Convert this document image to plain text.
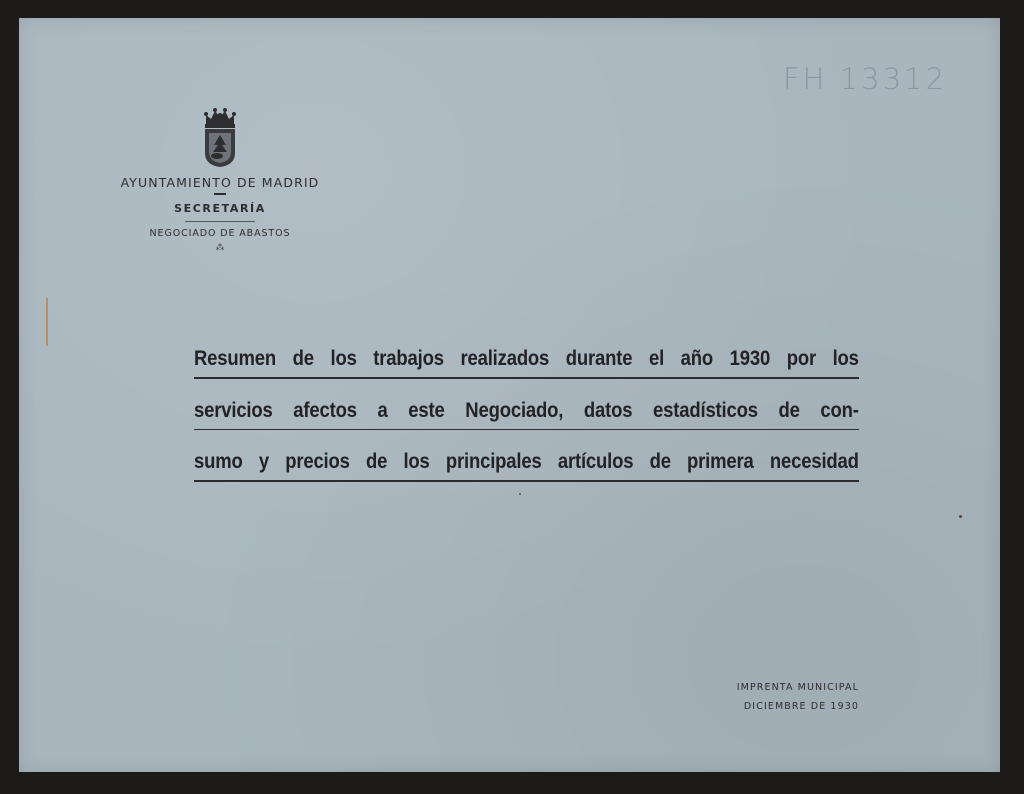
FH 13312
AYUNTAMIENTO DE MADRID
SECRETARÍA
NEGOCIADO DE ABASTOS
⁂
Resumen de los trabajos realizados durante el año 1930 por los
servicios afectos a este Negociado, datos estadísticos de con-
sumo y precios de los principales artículos de primera necesidad
IMPRENTA MUNICIPAL
DICIEMBRE DE 1930
